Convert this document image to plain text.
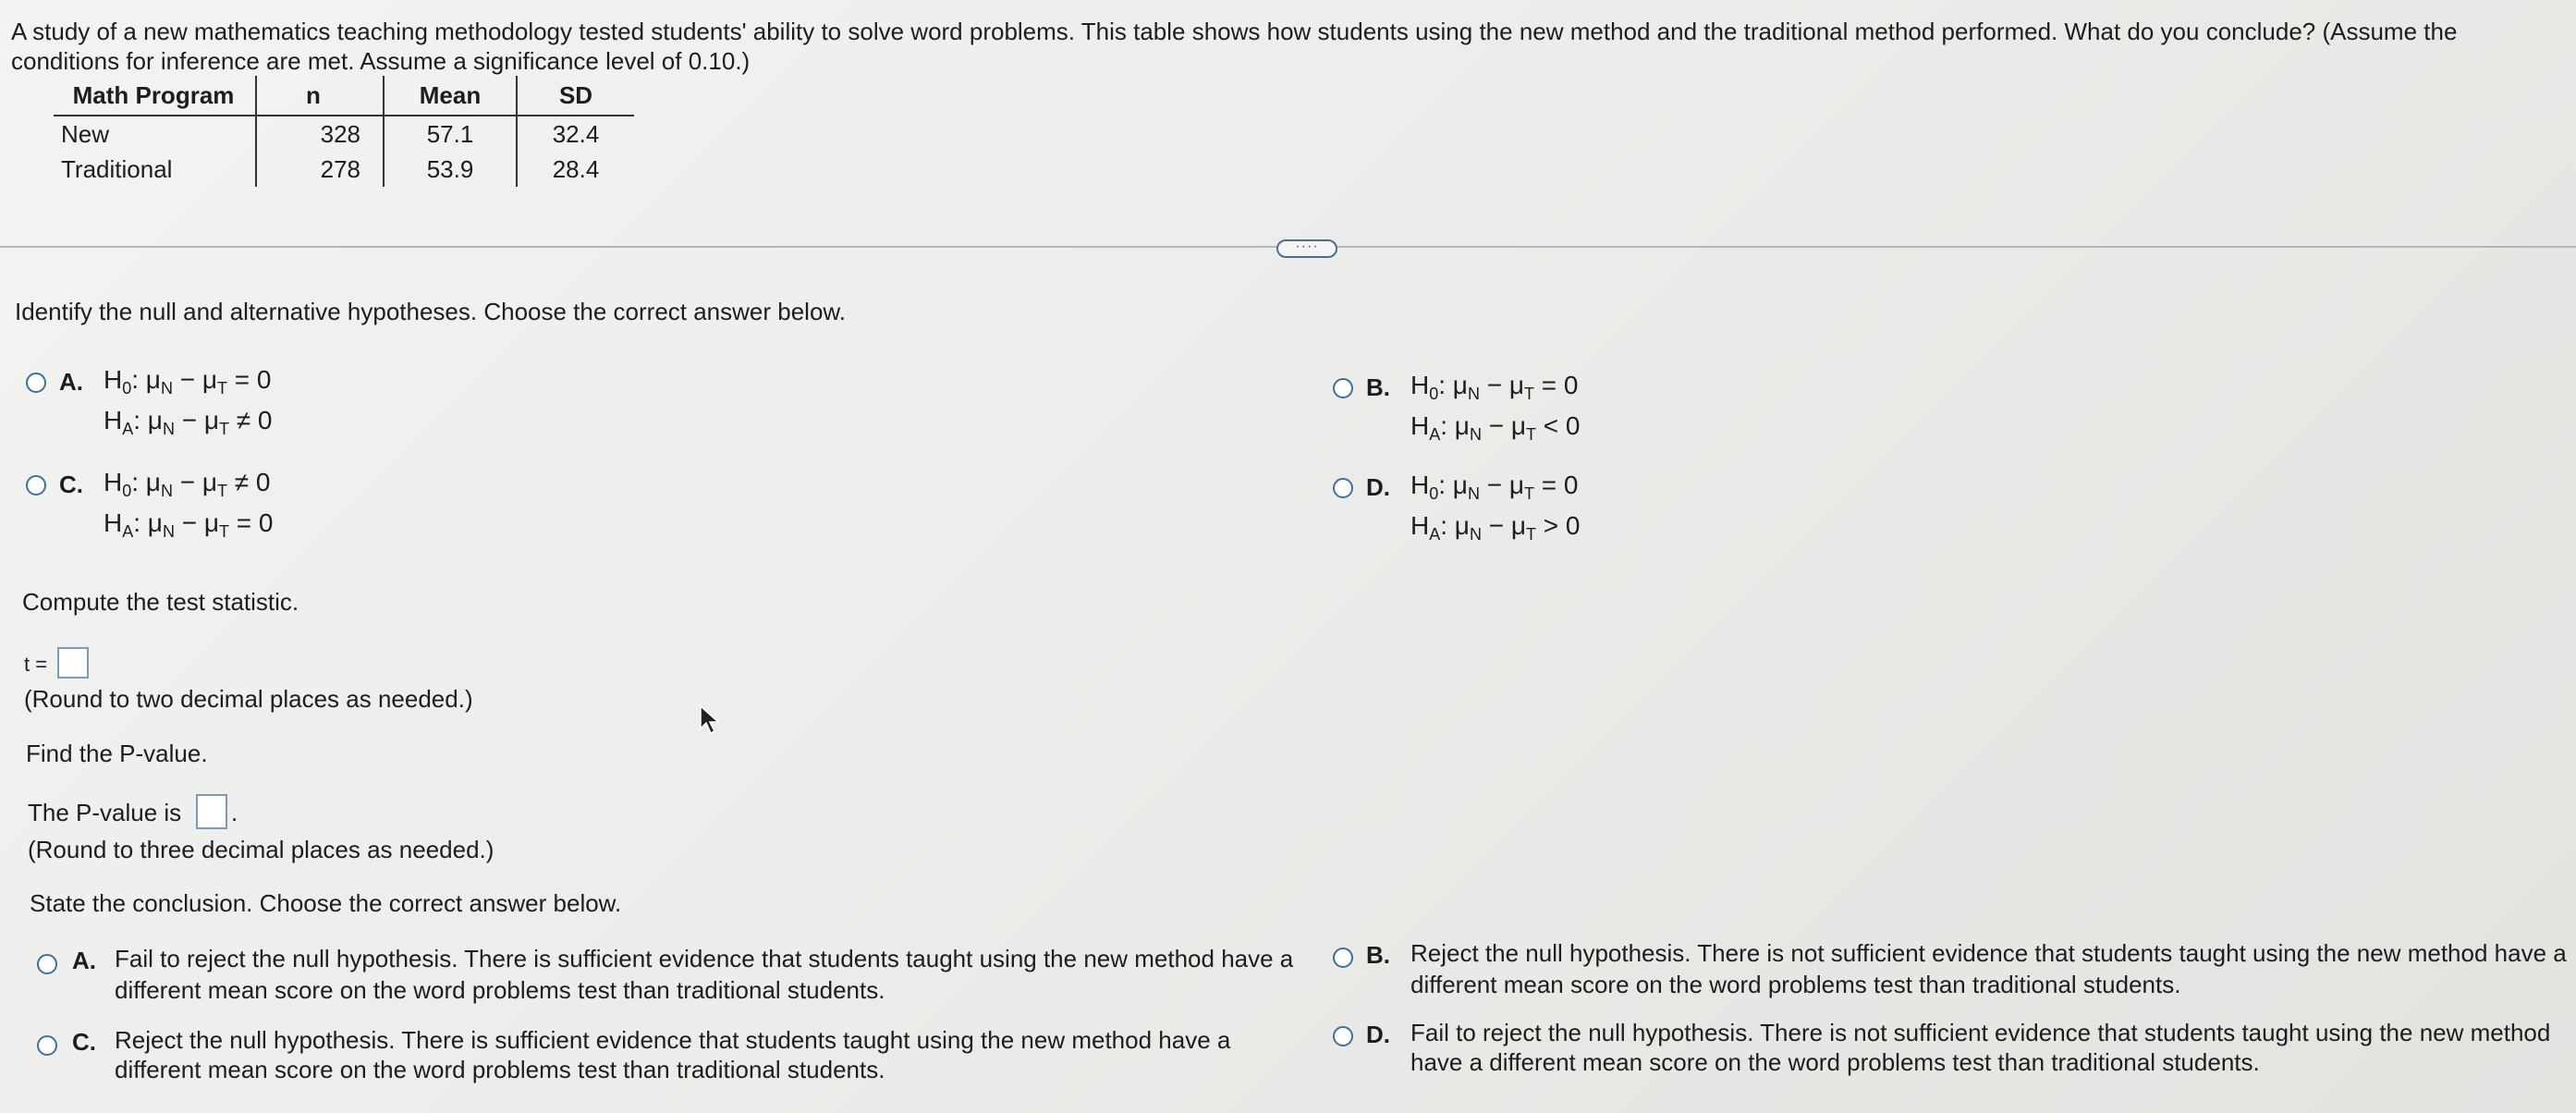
A study of a new mathematics teaching methodology tested students' ability to solve word problems. This table shows how students using the new method and the traditional method performed. What do you conclude? (Assume the
conditions for inference are met. Assume a significance level of 0.10.)
Math Program	n	Mean	SD
New	328	57.1	32.4
Traditional	278	53.9	28.4
····
Identify the null and alternative hypotheses. Choose the correct answer below.
A. $H_0$: $\mu_N - \mu_T = 0$
$H_A$: $\mu_N - \mu_T \ne 0$
B. $H_0$: $\mu_N - \mu_T = 0$
$H_A$: $\mu_N - \mu_T < 0$
C. $H_0$: $\mu_N - \mu_T \ne 0$
$H_A$: $\mu_N - \mu_T = 0$
D. $H_0$: $\mu_N - \mu_T = 0$
$H_A$: $\mu_N - \mu_T > 0$
Compute the test statistic.
t =
(Round to two decimal places as needed.)
Find the P-value.
The P-value is .
(Round to three decimal places as needed.)
State the conclusion. Choose the correct answer below.
A. Fail to reject the null hypothesis. There is sufficient evidence that students taught using the new method have a
different mean score on the word problems test than traditional students.
B. Reject the null hypothesis. There is not sufficient evidence that students taught using the new method have a
different mean score on the word problems test than traditional students.
C. Reject the null hypothesis. There is sufficient evidence that students taught using the new method have a
different mean score on the word problems test than traditional students.
D. Fail to reject the null hypothesis. There is not sufficient evidence that students taught using the new method
have a different mean score on the word problems test than traditional students.
